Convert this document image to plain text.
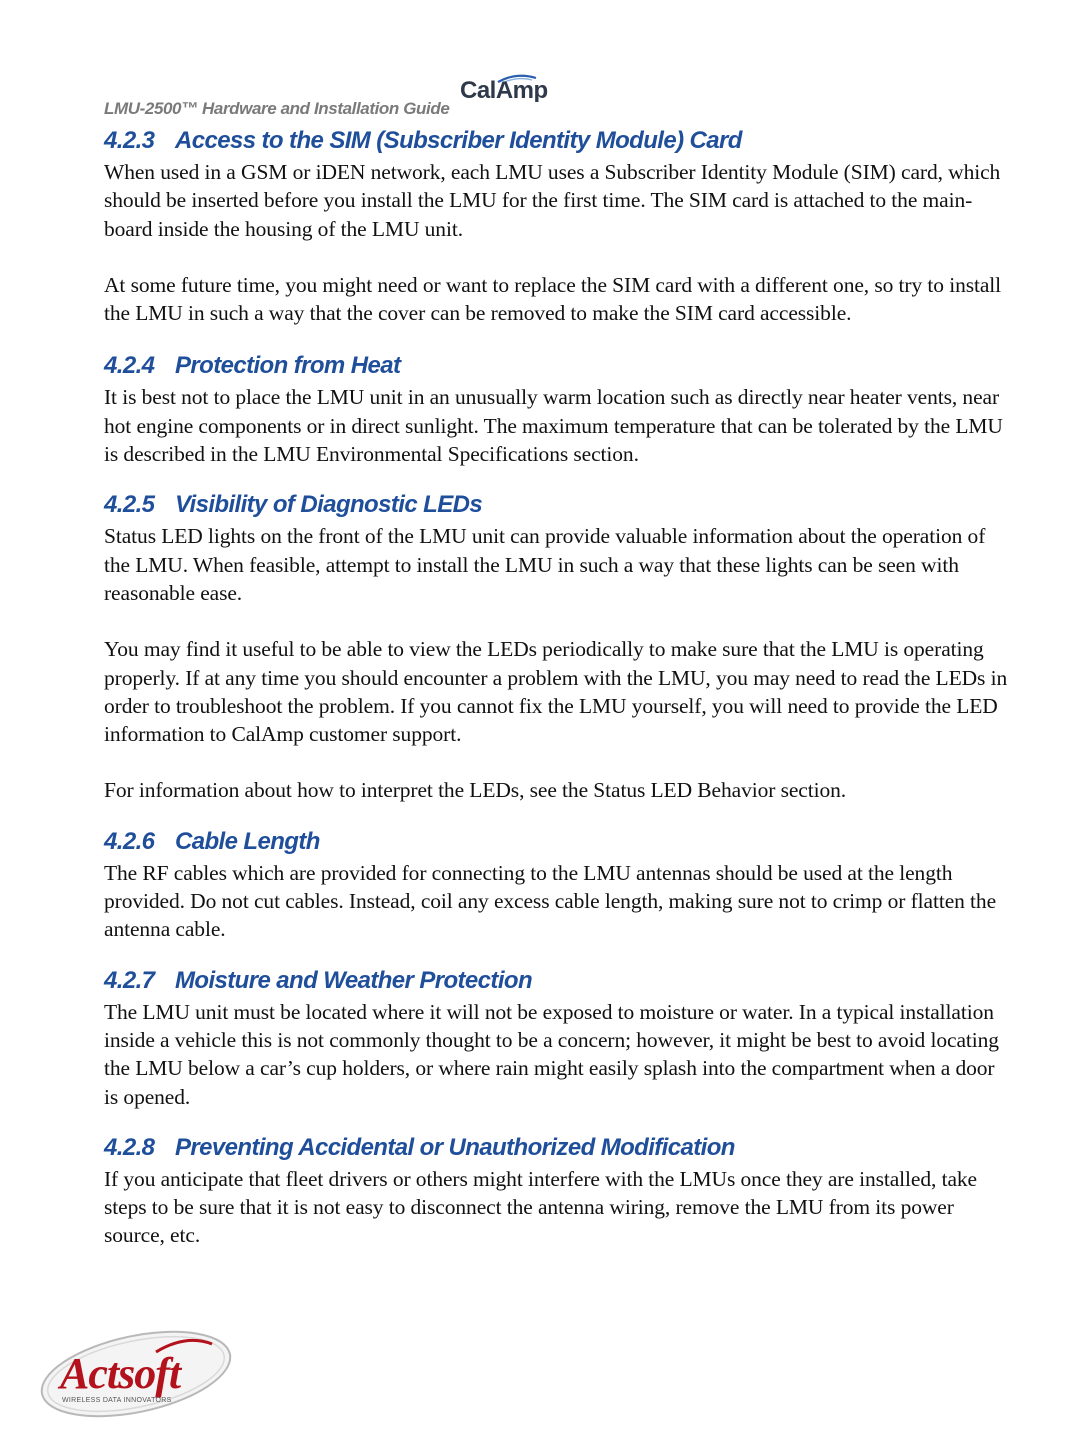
CalAmp
LMU-2500™ Hardware and Installation Guide
4.2.3 Access to the SIM (Subscriber Identity Module) Card

When used in a GSM or iDEN network, each LMU uses a Subscriber Identity Module (SIM) card, which should be inserted before you install the LMU for the first time. The SIM card is attached to the main-board inside the housing of the LMU unit.

At some future time, you might need or want to replace the SIM card with a different one, so try to install the LMU in such a way that the cover can be removed to make the SIM card accessible.

4.2.4 Protection from Heat

It is best not to place the LMU unit in an unusually warm location such as directly near heater vents, near hot engine components or in direct sunlight. The maximum temperature that can be tolerated by the LMU is described in the LMU Environmental Specifications section.

4.2.5 Visibility of Diagnostic LEDs

Status LED lights on the front of the LMU unit can provide valuable information about the operation of the LMU. When feasible, attempt to install the LMU in such a way that these lights can be seen with reasonable ease.

You may find it useful to be able to view the LEDs periodically to make sure that the LMU is operating properly. If at any time you should encounter a problem with the LMU, you may need to read the LEDs in order to troubleshoot the problem. If you cannot fix the LMU yourself, you will need to provide the LED information to CalAmp customer support.

For information about how to interpret the LEDs, see the Status LED Behavior section.

4.2.6 Cable Length

The RF cables which are provided for connecting to the LMU antennas should be used at the length provided. Do not cut cables. Instead, coil any excess cable length, making sure not to crimp or flatten the antenna cable.

4.2.7 Moisture and Weather Protection

The LMU unit must be located where it will not be exposed to moisture or water. In a typical installation inside a vehicle this is not commonly thought to be a concern; however, it might be best to avoid locating the LMU below a car’s cup holders, or where rain might easily splash into the compartment when a door is opened.

4.2.8 Preventing Accidental or Unauthorized Modification

If you anticipate that fleet drivers or others might interfere with the LMUs once they are installed, take steps to be sure that it is not easy to disconnect the antenna wiring, remove the LMU from its power source, etc.

Actsoft
WIRELESS DATA INNOVATORS
